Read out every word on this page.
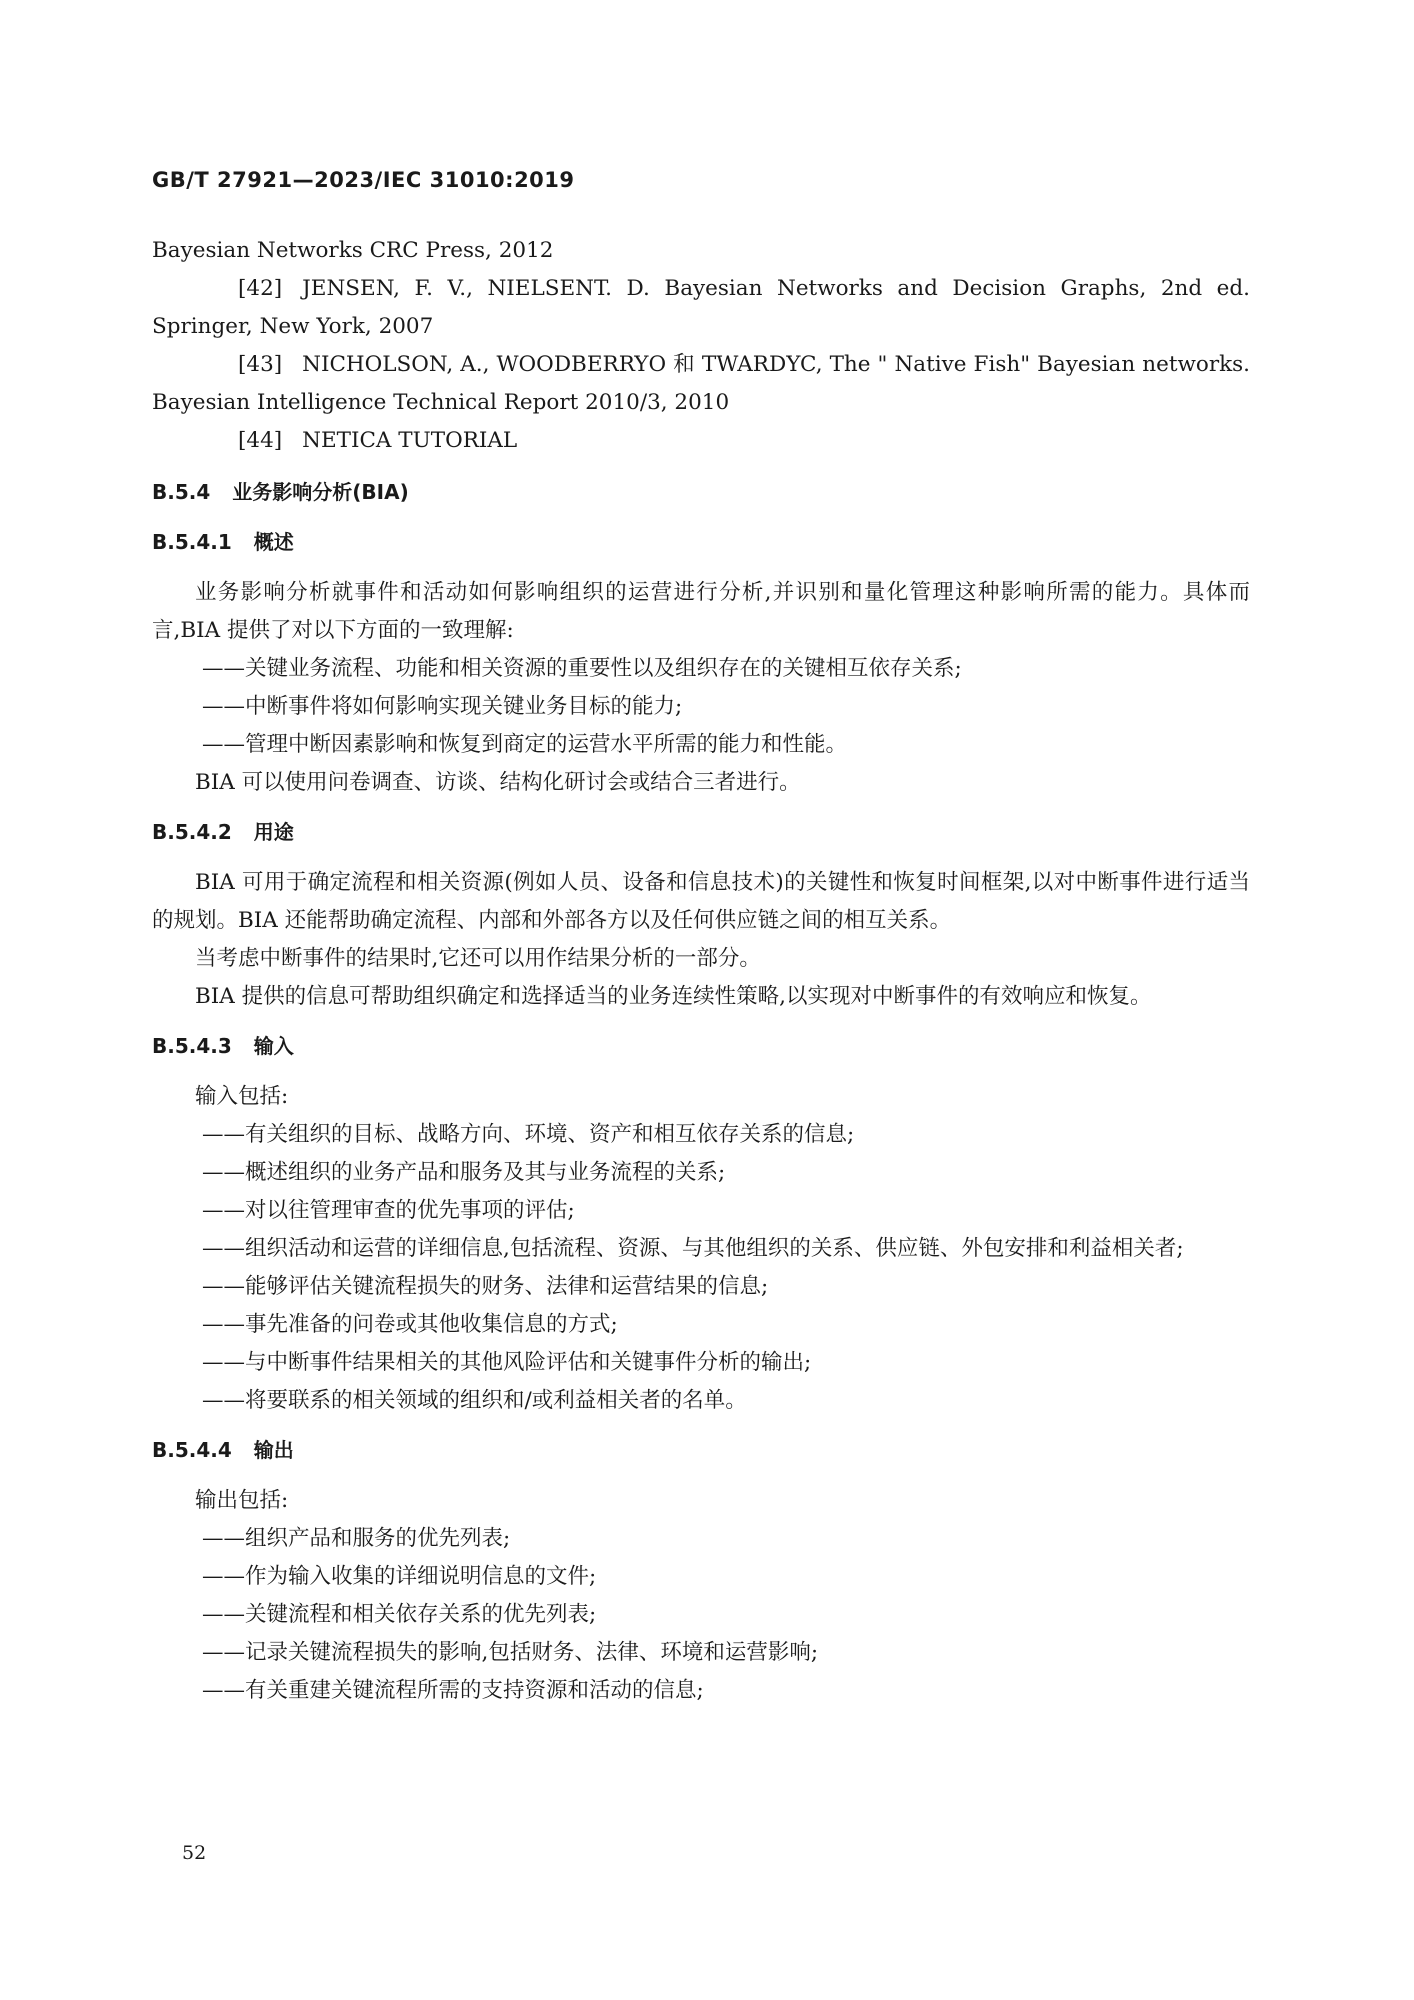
GB/T 27921—2023/IEC 31010:2019

Bayesian Networks CRC Press, 2012

[42] JENSEN, F. V., NIELSENT. D. Bayesian Networks and Decision Graphs, 2nd ed. Springer, New York, 2007

[43] NICHOLSON, A., WOODBERRYO 和 TWARDYC, The " Native Fish" Bayesian networks. Bayesian Intelligence Technical Report 2010/3, 2010

[44] NETICA TUTORIAL

B.5.4 业务影响分析(BIA)
B.5.4.1 概述

业务影响分析就事件和活动如何影响组织的运营进行分析,并识别和量化管理这种影响所需的能力。具体而言,BIA 提供了对以下方面的一致理解:

——关键业务流程、功能和相关资源的重要性以及组织存在的关键相互依存关系;

——中断事件将如何影响实现关键业务目标的能力;

——管理中断因素影响和恢复到商定的运营水平所需的能力和性能。

BIA 可以使用问卷调查、访谈、结构化研讨会或结合三者进行。

B.5.4.2 用途

BIA 可用于确定流程和相关资源(例如人员、设备和信息技术)的关键性和恢复时间框架,以对中断事件进行适当的规划。BIA 还能帮助确定流程、内部和外部各方以及任何供应链之间的相互关系。

当考虑中断事件的结果时,它还可以用作结果分析的一部分。

BIA 提供的信息可帮助组织确定和选择适当的业务连续性策略,以实现对中断事件的有效响应和恢复。

B.5.4.3 输入

输入包括:

——有关组织的目标、战略方向、环境、资产和相互依存关系的信息;

——概述组织的业务产品和服务及其与业务流程的关系;

——对以往管理审查的优先事项的评估;

——组织活动和运营的详细信息,包括流程、资源、与其他组织的关系、供应链、外包安排和利益相关者;

——能够评估关键流程损失的财务、法律和运营结果的信息;

——事先准备的问卷或其他收集信息的方式;

——与中断事件结果相关的其他风险评估和关键事件分析的输出;

——将要联系的相关领域的组织和/或利益相关者的名单。

B.5.4.4 输出

输出包括:

——组织产品和服务的优先列表;

——作为输入收集的详细说明信息的文件;

——关键流程和相关依存关系的优先列表;

——记录关键流程损失的影响,包括财务、法律、环境和运营影响;

——有关重建关键流程所需的支持资源和活动的信息;

52
